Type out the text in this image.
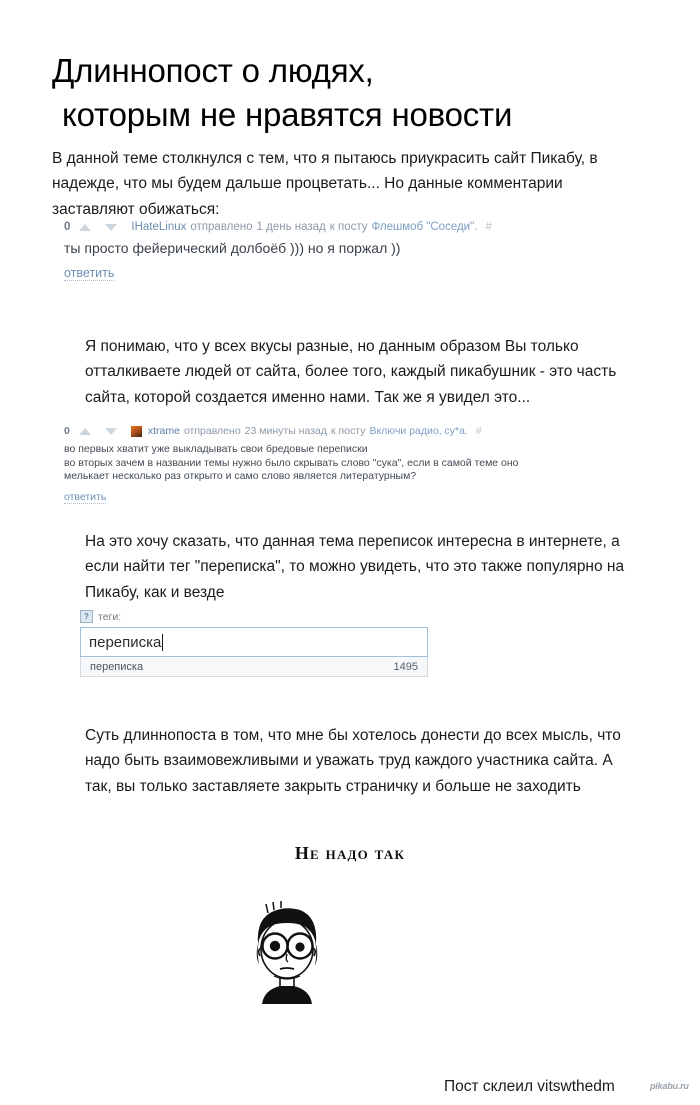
Длиннопост о людях,
которым не нравятся новости

В данной теме столкнулся с тем, что я пытаюсь приукрасить сайт Пикабу, в надежде, что мы будем дальше процветать... Но данные комментарии заставляют обижаться:

0	IHateLinux отправлено 1 день назад к посту Флешмоб "Соседи". #
ты просто фейерический долбоёб ))) но я поржал ))
ответить

Я понимаю, что у всех вкусы разные, но данным образом Вы только отталкиваете людей от сайта, более того, каждый пикабушник - это часть сайта, которой создается именно нами. Так же я увидел это...

0	xtrame отправлено 23 минуты назад к посту Включи радио, су*а. #
во первых хватит уже выкладывать свои бредовые переписки
во вторых зачем в названии темы нужно было скрывать слово "сука", если в самой теме оно
мелькает несколько раз открыто и само слово является литературным?
ответить

На это хочу сказать, что данная тема переписок интересна в интернете, а если найти тег "переписка", то можно увидеть, что это также популярно на Пикабу, как и везде

? теги:
переписка
переписка	1495

Суть длиннопоста в том, что мне бы хотелось донести до всех мысль, что надо быть взаимовежливыми и уважать труд каждого участника сайта. А так, вы только заставляете закрыть страничку и больше не заходить

Не надо так
Пост склеил vitswthedm	pikabu.ru
